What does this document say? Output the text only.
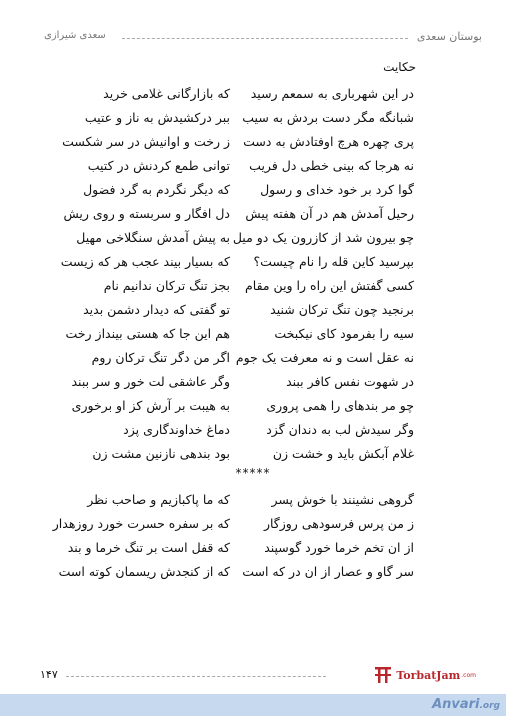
بوستان سعدی
سعدی شیرازی
حکایت
در این شهرباری به سمعم رسید
که بازارگانی غلامی خرید
شبانگه مگر دست بردش به سیب
ببر درکشیدش به ناز و عتیب
پری چهره هرچ اوفتادش به دست
ز رخت و اوانیش در سر شکست
نه هرجا که بینی خطی دل فریب
توانی طمع کردنش در کتیب
گوا کرد بر خود خدای و رسول
که دیگر نگردم به گرد فضول
رحیل آمدش هم در آن هفته پیش
دل افگار و سربسته و روی ریش
چو بیرون شد از کازرون یک دو میل
به پیش آمدش سنگلاخی مهیل
بپرسید کاین قله را نام چیست؟
که بسیار بیند عجب هر که زیست
کسی گفتش این راه را وین مقام
بجز تنگ ترکان ندانیم نام
برنجید چون تنگ ترکان شنید
تو گفتی که دیدار دشمن بدید
سیه را بفرمود کای نیکبخت
هم این جا که هستی بینداز رخت
نه عقل است و نه معرفت یک جوم
اگر من دگر تنگ ترکان روم
در شهوت نفس کافر ببند
وگر عاشقی لت خور و سر ببند
چو مر بندهای را همی پروری
به هیبت بر آرش کز او برخوری
وگر سیدش لب به دندان گزد
دماغ خداوندگاری پزد
غلام آبکش باید و خشت زن
بود بندهی نازنین مشت زن
*****
گروهی نشینند با خوش پسر
که ما پاکبازیم و صاحب نظر
ز من پرس فرسودهی روزگار
که بر سفره حسرت خورد روزهدار
از ان تخم خرما خورد گوسپند
که قفل است بر تنگ خرما و بند
سر گاو و عصار از ان در که است
که از کنجدش ریسمان کوته است
۱۴۷	TorbatJam .com
Anvari.org
